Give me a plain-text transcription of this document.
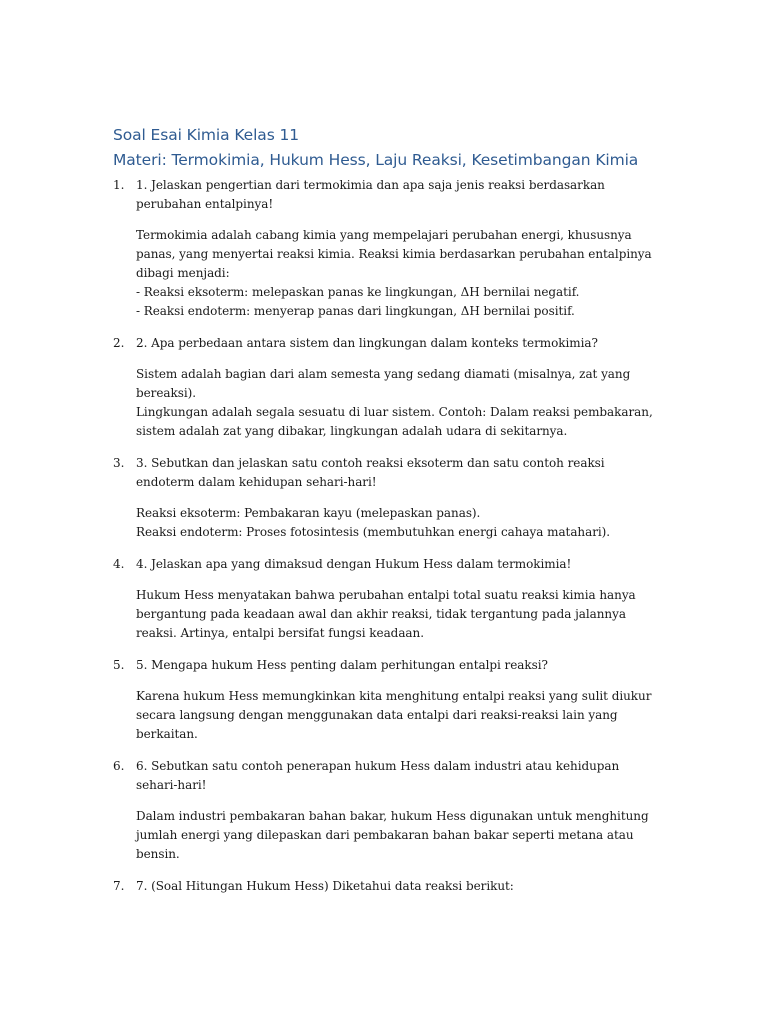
Soal Esai Kimia Kelas 11
Materi: Termokimia, Hukum Hess, Laju Reaksi, Kesetimbangan Kimia
1. 1. Jelaskan pengertian dari termokimia dan apa saja jenis reaksi berdasarkan perubahan entalpinya!

Termokimia adalah cabang kimia yang mempelajari perubahan energi, khususnya panas, yang menyertai reaksi kimia. Reaksi kimia berdasarkan perubahan entalpinya dibagi menjadi:
- Reaksi eksoterm: melepaskan panas ke lingkungan, ΔH bernilai negatif.
- Reaksi endoterm: menyerap panas dari lingkungan, ΔH bernilai positif.
2. 2. Apa perbedaan antara sistem dan lingkungan dalam konteks termokimia?

Sistem adalah bagian dari alam semesta yang sedang diamati (misalnya, zat yang bereaksi).
Lingkungan adalah segala sesuatu di luar sistem. Contoh: Dalam reaksi pembakaran, sistem adalah zat yang dibakar, lingkungan adalah udara di sekitarnya.
3. 3. Sebutkan dan jelaskan satu contoh reaksi eksoterm dan satu contoh reaksi endoterm dalam kehidupan sehari-hari!

Reaksi eksoterm: Pembakaran kayu (melepaskan panas).
Reaksi endoterm: Proses fotosintesis (membutuhkan energi cahaya matahari).
4. 4. Jelaskan apa yang dimaksud dengan Hukum Hess dalam termokimia!

Hukum Hess menyatakan bahwa perubahan entalpi total suatu reaksi kimia hanya bergantung pada keadaan awal dan akhir reaksi, tidak tergantung pada jalannya reaksi. Artinya, entalpi bersifat fungsi keadaan.
5. 5. Mengapa hukum Hess penting dalam perhitungan entalpi reaksi?

Karena hukum Hess memungkinkan kita menghitung entalpi reaksi yang sulit diukur secara langsung dengan menggunakan data entalpi dari reaksi-reaksi lain yang berkaitan.
6. 6. Sebutkan satu contoh penerapan hukum Hess dalam industri atau kehidupan sehari-hari!

Dalam industri pembakaran bahan bakar, hukum Hess digunakan untuk menghitung jumlah energi yang dilepaskan dari pembakaran bahan bakar seperti metana atau bensin.
7. 7. (Soal Hitungan Hukum Hess) Diketahui data reaksi berikut:
